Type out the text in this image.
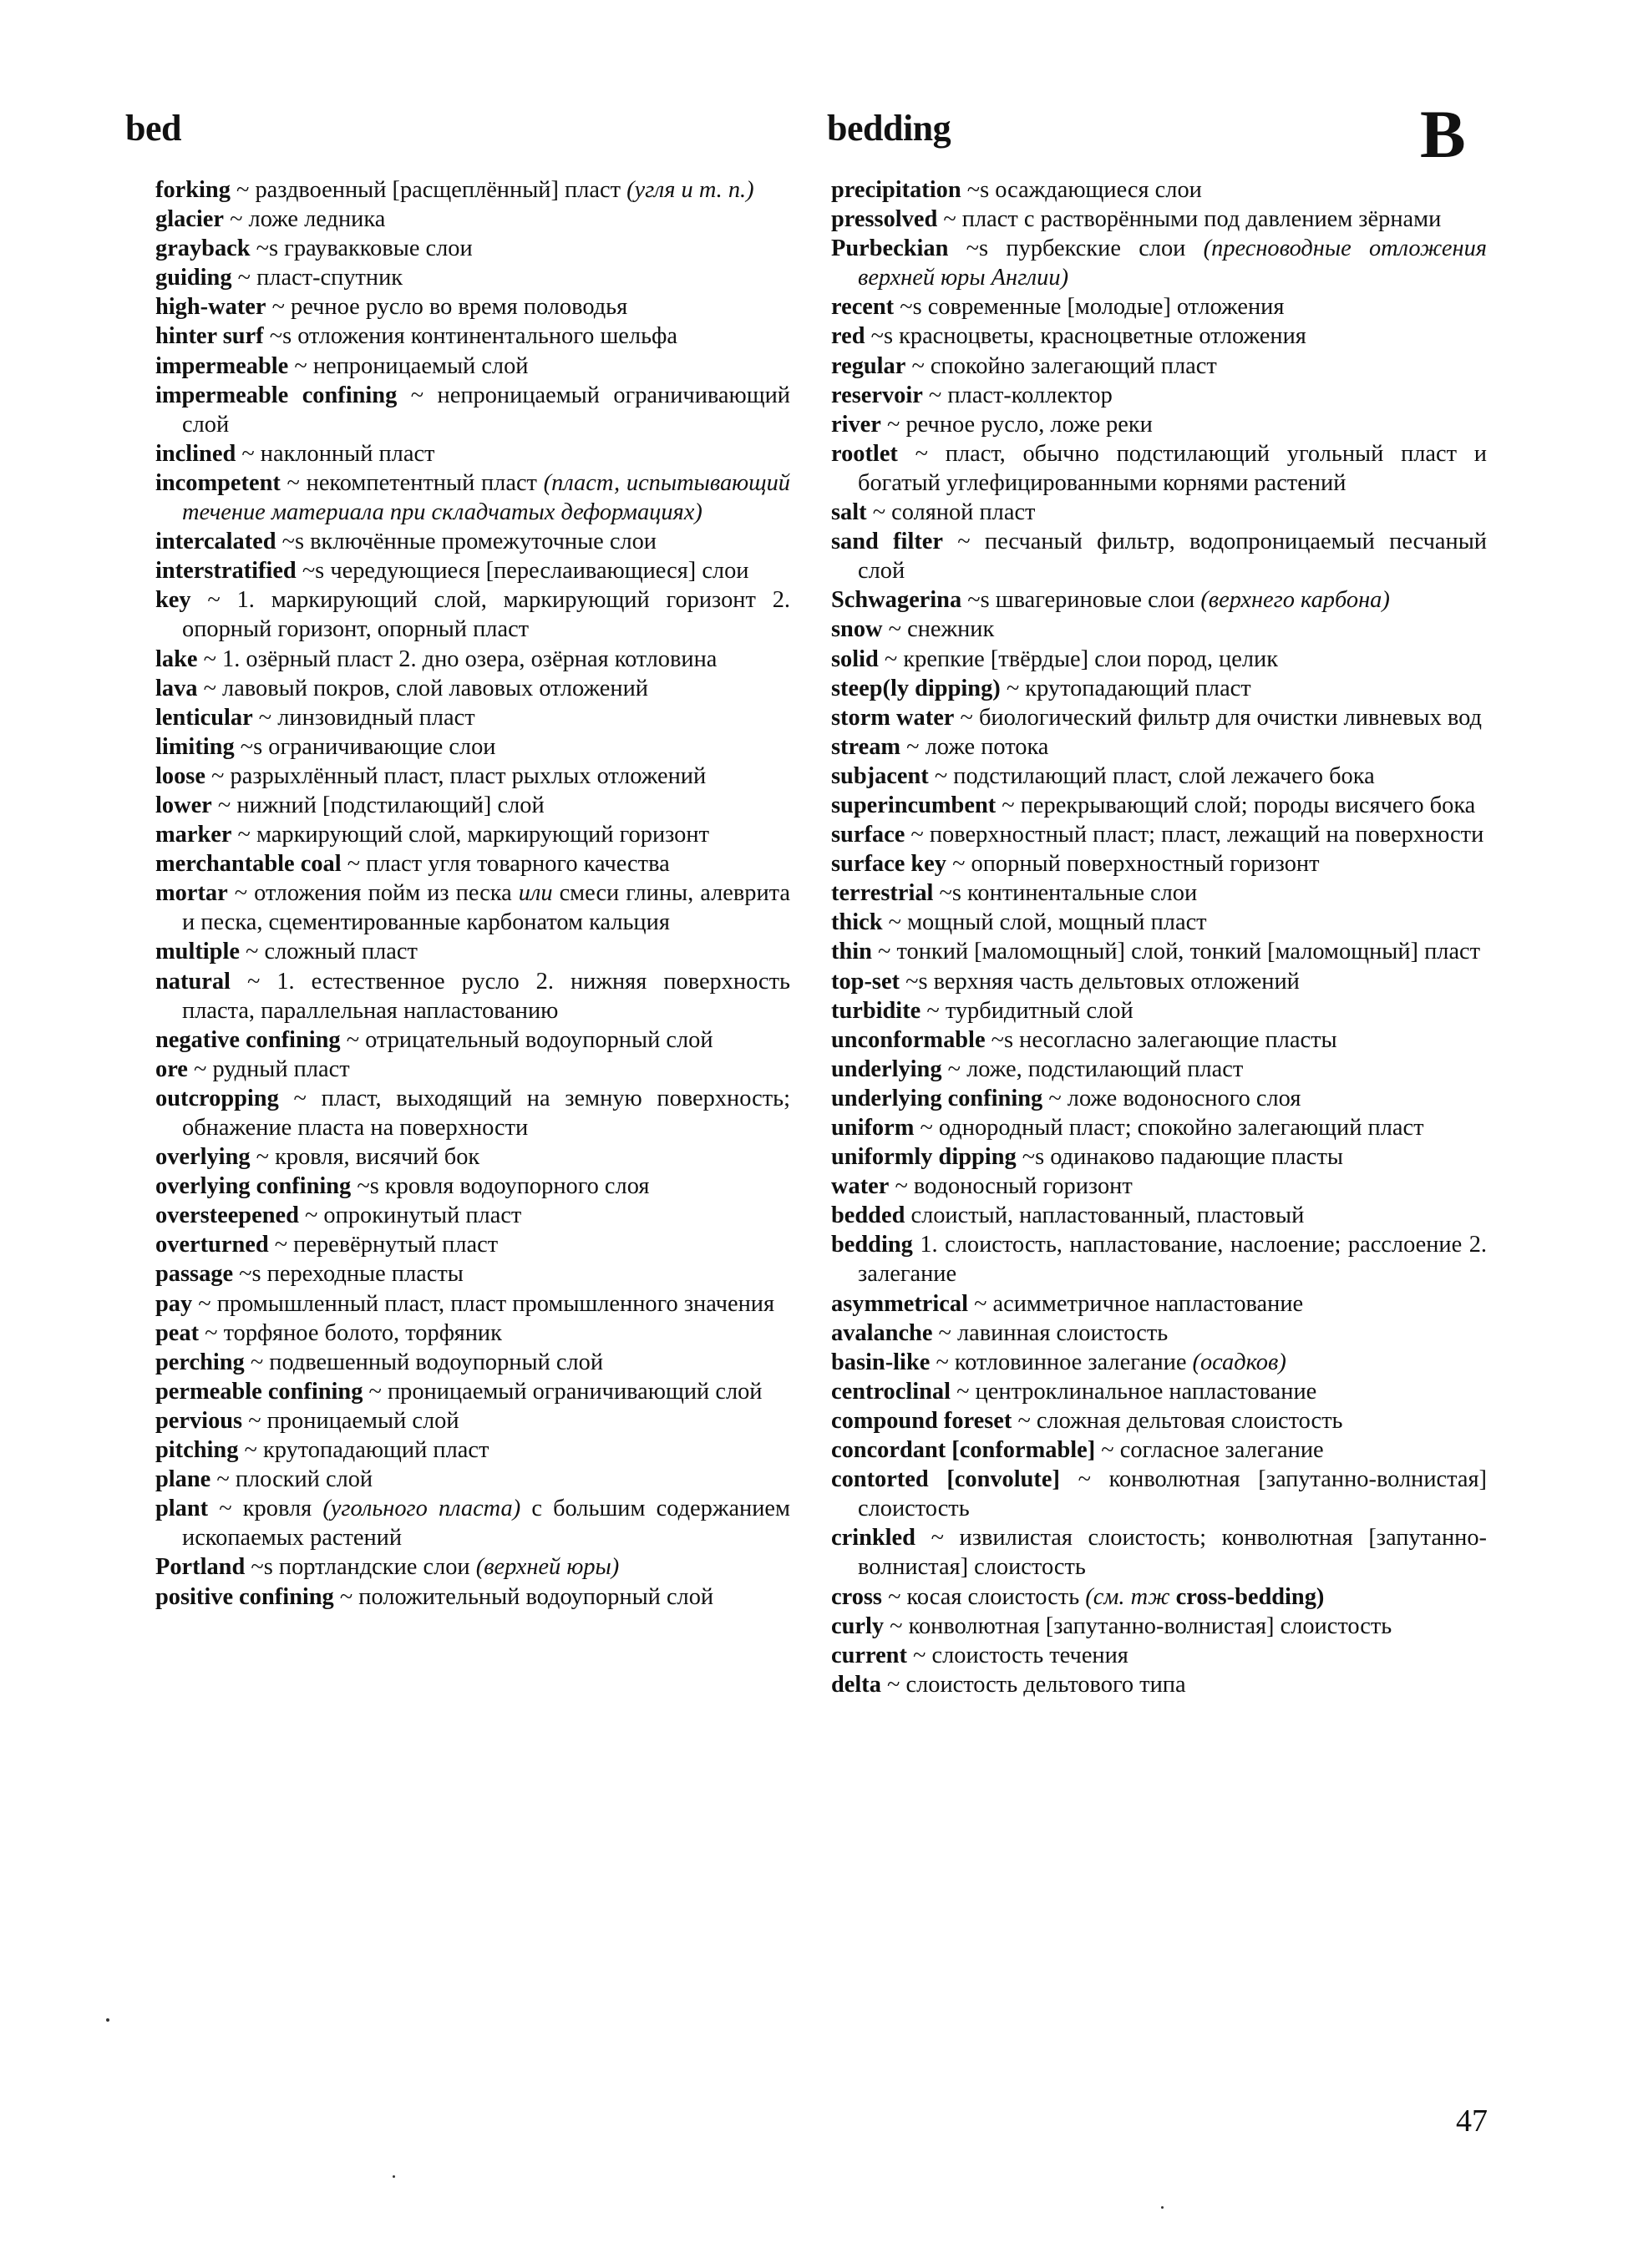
bed	bedding	B

forking ~ раздвоенный [расщеплённый] пласт (угля и т. п.)

glacier ~ ложе ледника

grayback ~s граувакковые слои

guiding ~ пласт-спутник

high-water ~ речное русло во время половодья

hinter surf ~s отложения континентального шельфа

impermeable ~ непроницаемый слой

impermeable confining ~ непроницаемый ограничивающий слой

inclined ~ наклонный пласт

incompetent ~ некомпетентный пласт (пласт, испытывающий течение материала при складчатых деформациях)

intercalated ~s включённые промежуточные слои

interstratified ~s чередующиеся [переслаивающиеся] слои

key ~ 1. маркирующий слой, маркирующий горизонт 2. опорный горизонт, опорный пласт

lake ~ 1. озёрный пласт 2. дно озера, озёрная котловина

lava ~ лавовый покров, слой лавовых отложений

lenticular ~ линзовидный пласт

limiting ~s ограничивающие слои

loose ~ разрыхлённый пласт, пласт рыхлых отложений

lower ~ нижний [подстилающий] слой

marker ~ маркирующий слой, маркирующий горизонт

merchantable coal ~ пласт угля товарного качества

mortar ~ отложения пойм из песка или смеси глины, алеврита и песка, сцементированные карбонатом кальция

multiple ~ сложный пласт

natural ~ 1. естественное русло 2. нижняя поверхность пласта, параллельная напластованию

negative confining ~ отрицательный водоупорный слой

ore ~ рудный пласт

outcropping ~ пласт, выходящий на земную поверхность; обнажение пласта на поверхности

overlying ~ кровля, висячий бок

overlying confining ~s кровля водоупорного слоя

oversteepened ~ опрокинутый пласт

overturned ~ перевёрнутый пласт

passage ~s переходные пласты

pay ~ промышленный пласт, пласт промышленного значения

peat ~ торфяное болото, торфяник

perching ~ подвешенный водоупорный слой

permeable confining ~ проницаемый ограничивающий слой

pervious ~ проницаемый слой

pitching ~ крутопадающий пласт

plane ~ плоский слой

plant ~ кровля (угольного пласта) с большим содержанием ископаемых растений

Portland ~s портландские слои (верхней юры)

positive confining ~ положительный водоупорный слой

precipitation ~s осаждающиеся слои

pressolved ~ пласт с растворёнными под давлением зёрнами

Purbeckian ~s пурбекские слои (пресноводные отложения верхней юры Англии)

recent ~s современные [молодые] отложения

red ~s красноцветы, красноцветные отложения

regular ~ спокойно залегающий пласт

reservoir ~ пласт-коллектор

river ~ речное русло, ложе реки

rootlet ~ пласт, обычно подстилающий угольный пласт и богатый углефицированными корнями растений

salt ~ соляной пласт

sand filter ~ песчаный фильтр, водопроницаемый песчаный слой

Schwagerina ~s швагериновые слои (верхнего карбона)

snow ~ снежник

solid ~ крепкие [твёрдые] слои пород, целик

steep(ly dipping) ~ крутопадающий пласт

storm water ~ биологический фильтр для очистки ливневых вод

stream ~ ложе потока

subjacent ~ подстилающий пласт, слой лежачего бока

superincumbent ~ перекрывающий слой; породы висячего бока

surface ~ поверхностный пласт; пласт, лежащий на поверхности

surface key ~ опорный поверхностный горизонт

terrestrial ~s континентальные слои

thick ~ мощный слой, мощный пласт

thin ~ тонкий [маломощный] слой, тонкий [маломощный] пласт

top-set ~s верхняя часть дельтовых отложений

turbidite ~ турбидитный слой

unconformable ~s несогласно залегающие пласты

underlying ~ ложе, подстилающий пласт

underlying confining ~ ложе водоносного слоя

uniform ~ однородный пласт; спокойно залегающий пласт

uniformly dipping ~s одинаково падающие пласты

water ~ водоносный горизонт

bedded слоистый, напластованный, пластовый

bedding 1. слоистость, напластование, наслоение; расслоение 2. залегание

asymmetrical ~ асимметричное напластование

avalanche ~ лавинная слоистость

basin-like ~ котловинное залегание (осадков)

centroclinal ~ центроклинальное напластование

compound foreset ~ сложная дельтовая слоистость

concordant [conformable] ~ согласное залегание

contorted [convolute] ~ конволютная [запутанно-волнистая] слоистость

crinkled ~ извилистая слоистость; конволютная [запутанно-волнистая] слоистость

cross ~ косая слоистость (см. тж cross-bedding)

curly ~ конволютная [запутанно-волнистая] слоистость

current ~ слоистость течения

delta ~ слоистость дельтового типа

47
